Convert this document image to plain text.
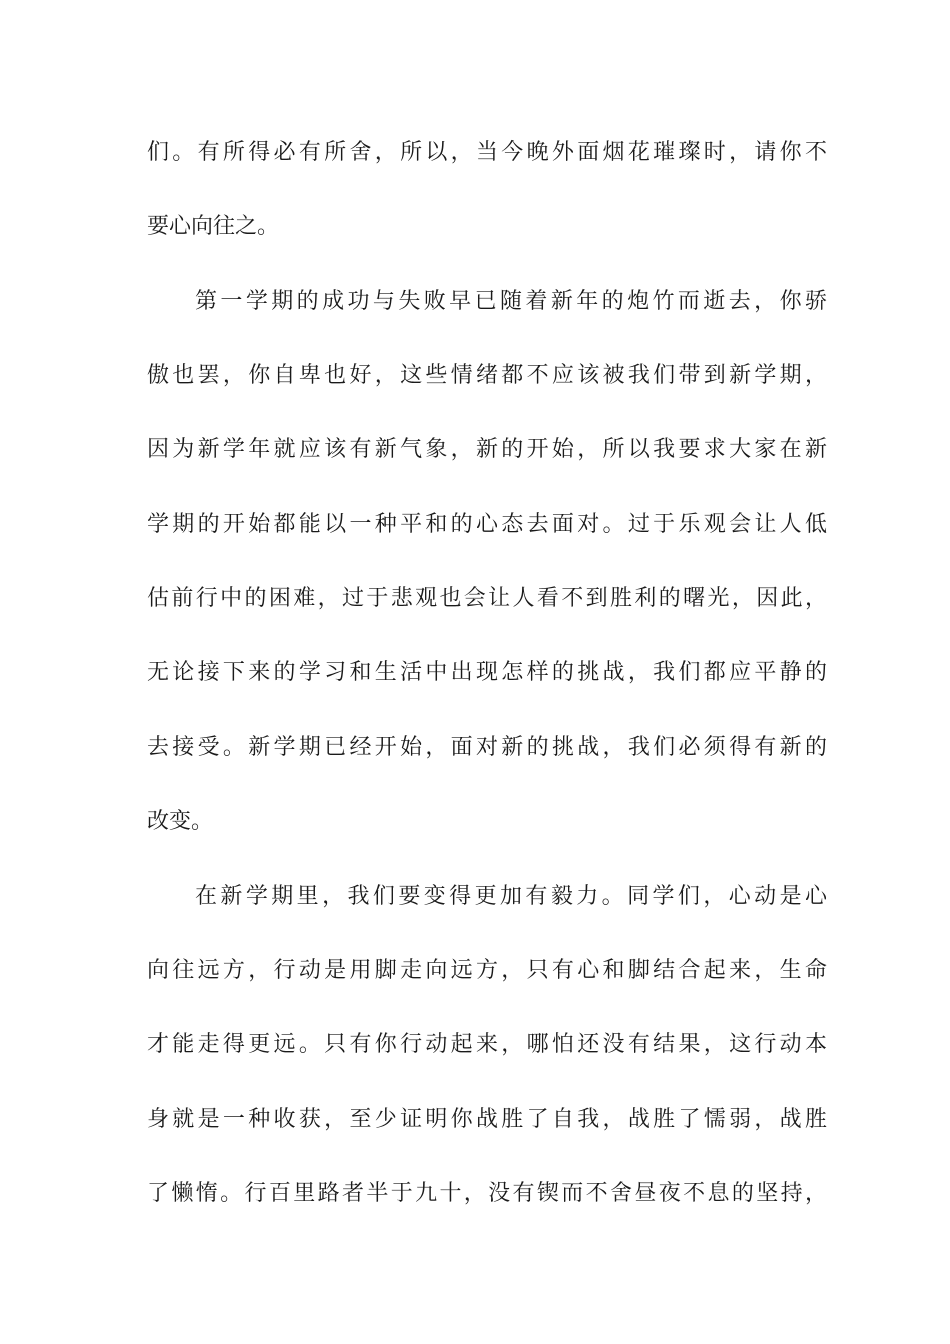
们。有所得必有所舍，所以，当今晚外面烟花璀璨时，请你不
要心向往之。
第一学期的成功与失败早已随着新年的炮竹而逝去，你骄
傲也罢，你自卑也好，这些情绪都不应该被我们带到新学期，
因为新学年就应该有新气象，新的开始，所以我要求大家在新
学期的开始都能以一种平和的心态去面对。过于乐观会让人低
估前行中的困难，过于悲观也会让人看不到胜利的曙光，因此，
无论接下来的学习和生活中出现怎样的挑战，我们都应平静的
去接受。新学期已经开始，面对新的挑战，我们必须得有新的
改变。
在新学期里，我们要变得更加有毅力。同学们，心动是心
向往远方，行动是用脚走向远方，只有心和脚结合起来，生命
才能走得更远。只有你行动起来，哪怕还没有结果，这行动本
身就是一种收获，至少证明你战胜了自我，战胜了懦弱，战胜
了懒惰。行百里路者半于九十，没有锲而不舍昼夜不息的坚持，
